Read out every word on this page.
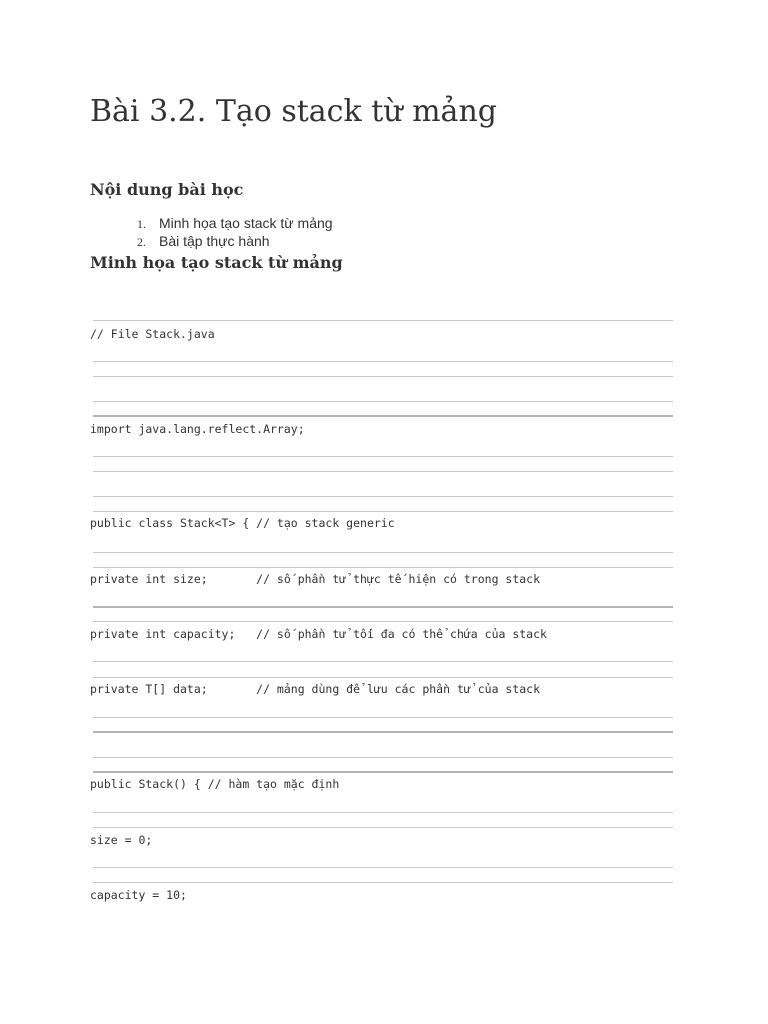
Bài 3.2. Tạo stack từ mảng
Nội dung bài học
1. Minh họa tạo stack từ mảng
2. Bài tập thực hành
Minh họa tạo stack từ mảng
// File Stack.java
import java.lang.reflect.Array;
public class Stack<T> { // tạo stack generic
private int size;       // số phần tử thực tế hiện có trong stack
private int capacity;   // số phần tử tối đa có thể chứa của stack
private T[] data;       // mảng dùng để lưu các phần tử của stack
public Stack() { // hàm tạo mặc định
size = 0;
capacity = 10;
